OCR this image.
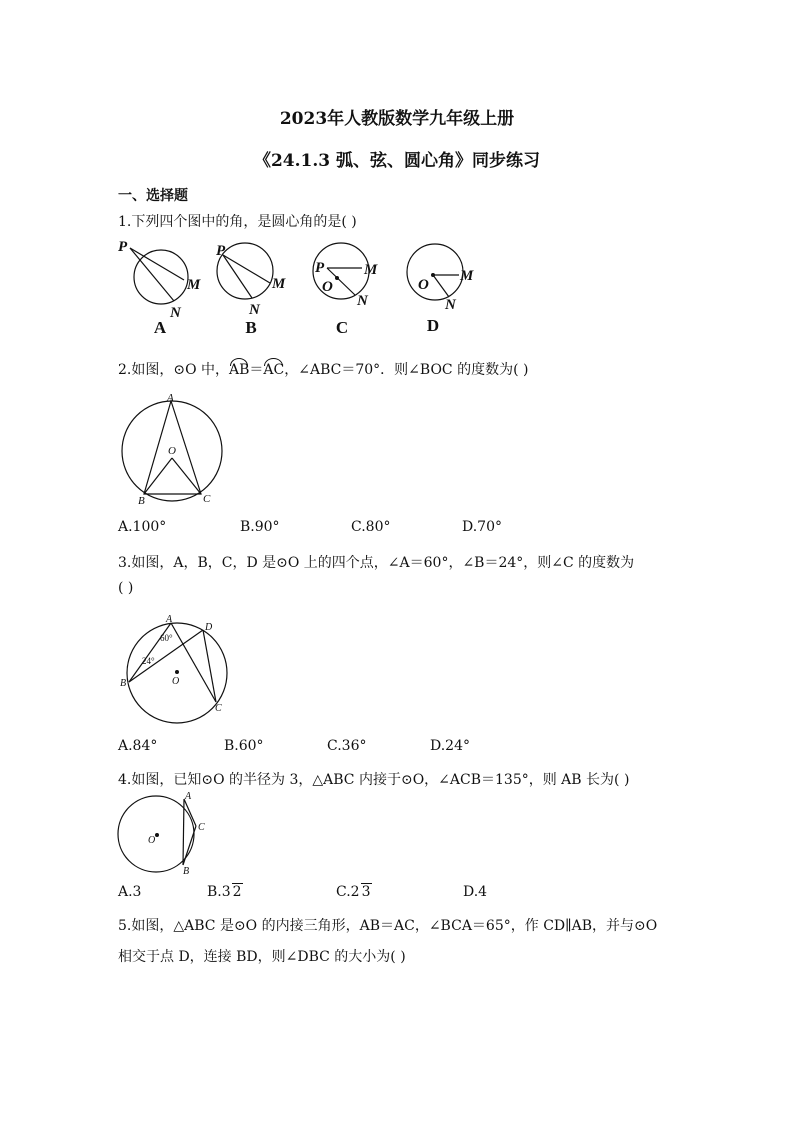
2023年人教版数学九年级上册
《24.1.3 弧、弦、圆心角》同步练习
一、选择题
1.下列四个图中的角，是圆心角的是( )
P
M
N
P
M
N
P	M
O
N
M
O
N
A	B	C	D
2.如图，⊙O 中，AB＝AC，∠ABC＝70°．则∠BOC 的度数为( )
A
O
B	C
A.100°	B.90°	C.80°	D.70°
3.如图，A，B，C，D 是⊙O 上的四个点，∠A＝60°，∠B＝24°，则∠C 的度数为
( )
A
D
B	O
C
60°
24°
A.84°	B.60°	C.36°	D.24°
4.如图，已知⊙O 的半径为 3，△ABC 内接于⊙O，∠ACB＝135°，则 AB 长为( )
A
C
B
O
A.3	B.3 2	C.2 3	D.4
5.如图，△ABC 是⊙O 的内接三角形，AB＝AC，∠BCA＝65°，作 CD∥AB，并与⊙O
相交于点 D，连接 BD，则∠DBC 的大小为( )
